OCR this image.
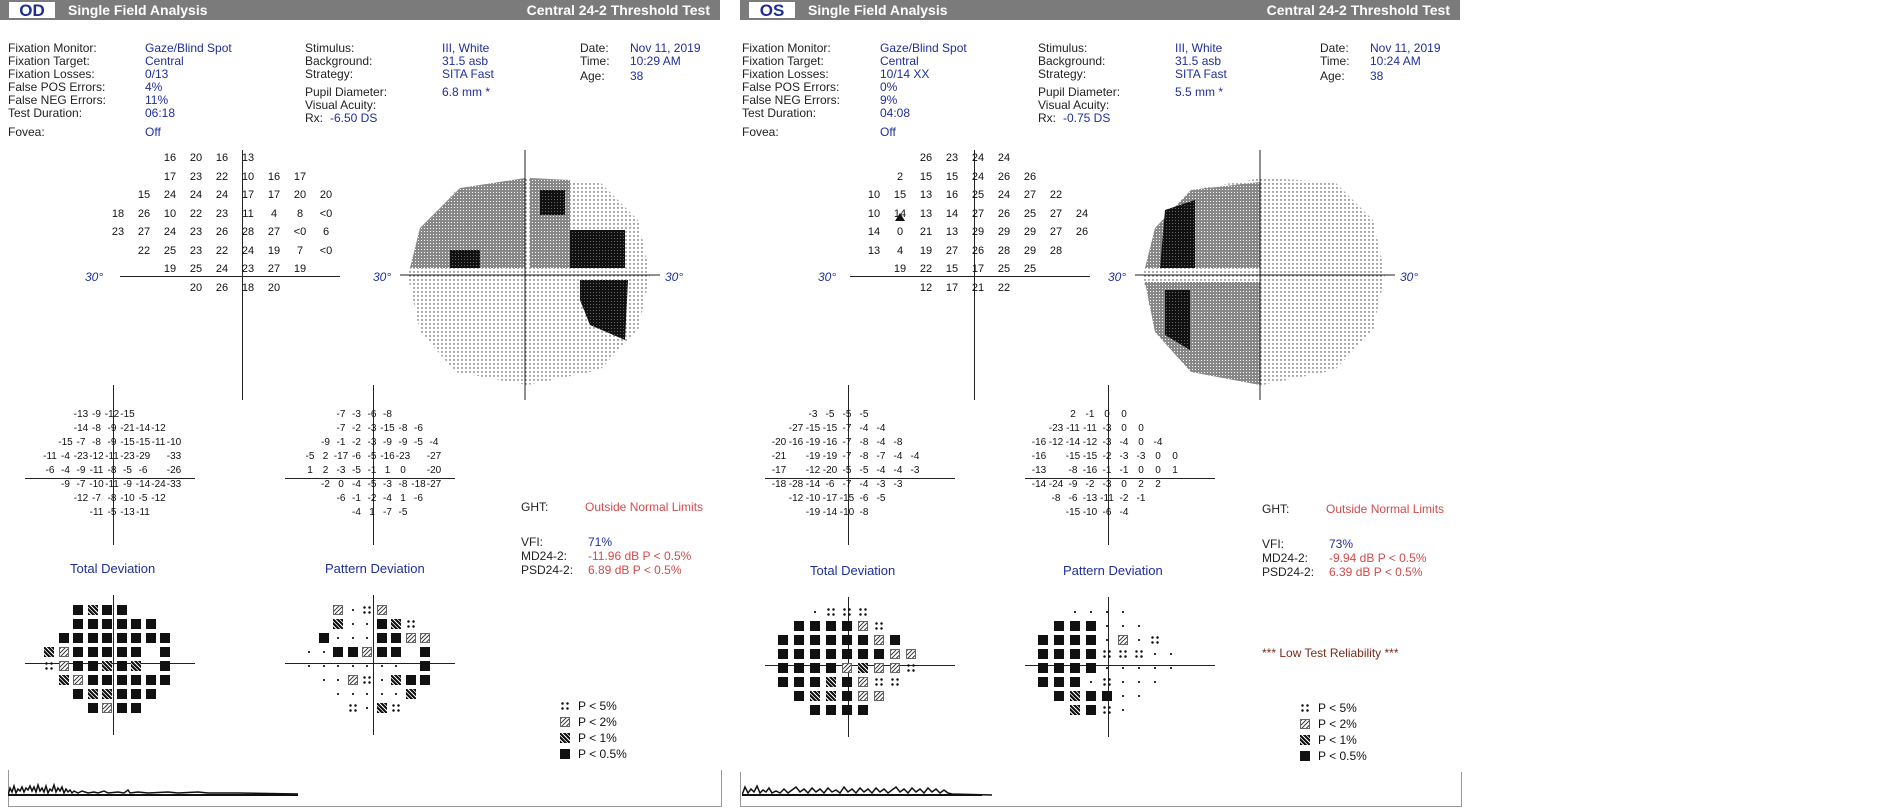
OD	Single Field Analysis	Central 24-2 Threshold Test
Fixation Monitor:	Gaze/Blind Spot
Fixation Target:	Central
Fixation Losses:	0/13
False POS Errors:	4%
False NEG Errors:	11%
Test Duration:	06:18
Fovea:	Off
Stimulus:	III, White
Background:	31.5 asb
Strategy:	SITA Fast
Pupil Diameter:	6.8 mm *
Visual Acuity:
Rx: -6.50 DS
Date: Nov 11, 2019
Time: 10:29 AM
Age: 38
30°
16	20	16	13
17	23	22	10	16	17
15	24	24	24	17	17	20	20
18	26	10	22	23	11	4	8	<0
23	27	24	23	26	28	27	<0	6
22	25	23	22	24	19	7	<0
19	25	24	23	27	19
20	26	18	20
30°	30°
-13 -9 -12 -15
-14 -8 -9 -21 -14 -12
-15 -7 -8 -9 -15 -15 -11 -10
-11 -4 -23 -12 -11 -23 -29 -33
-6 -4 -9 -11 -8 -5 -6	-26
-9 -7 -10 -11 -9 -14 -24 -33
-12 -7 -8 -10 -5 -12
-11 -5 -13 -11
Total Deviation
-7 -3 -6 -8
-7 -2 -3 -15 -8 -6
-9 -1 -2 -3 -9 -9 -5 -4
-5 2 -17 -6 -5 -16 -23 -27
1 2 -3 -5 -1 1 0	-20
-2 0 -4 -5 -3 -8 -18 -27
-6 -1 -2 -4 1 -6
-4 1 -7 -5
Pattern Deviation
GHT:	Outside Normal Limits
VFI:	71%
MD24-2: -11.96 dB P < 0.5%
PSD24-2: 6.89 dB P < 0.5%
P < 5%
P < 2%
P < 1%
P < 0.5%
OS	Single Field Analysis	Central 24-2 Threshold Test
Fixation Monitor:	Gaze/Blind Spot
Fixation Target:	Central
Fixation Losses:	10/14 XX
False POS Errors:	0%
False NEG Errors:	9%
Test Duration:	04:08
Fovea:	Off
Stimulus:	III, White
Background:	31.5 asb
Strategy:	SITA Fast
Pupil Diameter:	5.5 mm *
Visual Acuity:
Rx: -0.75 DS
Date: Nov 11, 2019
Time: 10:24 AM
Age: 38
30°
26	23	24	24
2	15	15	24	26	26
10	15	13	16	25	24	27	22
10	14	13	14	27	26	25	27	24
14	0	21	13	29	29	29	27	26
13	4	19	27	26	28	29	28
19	22	15	17	25	25
12	17	21	22
30°	30°
-3 -5 -5 -5
-27 -15 -15 -7 -4 -4
-20 -16 -19 -16 -7 -8 -4 -8
-21 -19 -19 -7 -8 -7 -4 -4
-17 -12 -20 -5 -5 -4 -4 -3
-18 -28 -14 -6 -7 -4 -3 -3
-12 -10 -17 -15 -6 -5
-19 -14 -10 -8
Total Deviation
2 -1 0	0
-23 -11 -11 -3 0	0
-16 -12 -14 -12 -3 -4 0 -4
-16 -15 -15 -2 -3 -3 0	0
-13	-8 -16 -1 -1 0	0	1
-14 -24 -9 -2 -3 0	2	2
-8 -6 -13 -11 -2 -1
-15 -10 -6 -4
Pattern Deviation
GHT:	Outside Normal Limits
VFI:	73%
MD24-2: -9.94 dB P < 0.5%
PSD24-2: 6.39 dB P < 0.5%
*** Low Test Reliability ***
P < 5%
P < 2%
P < 1%
P < 0.5%
